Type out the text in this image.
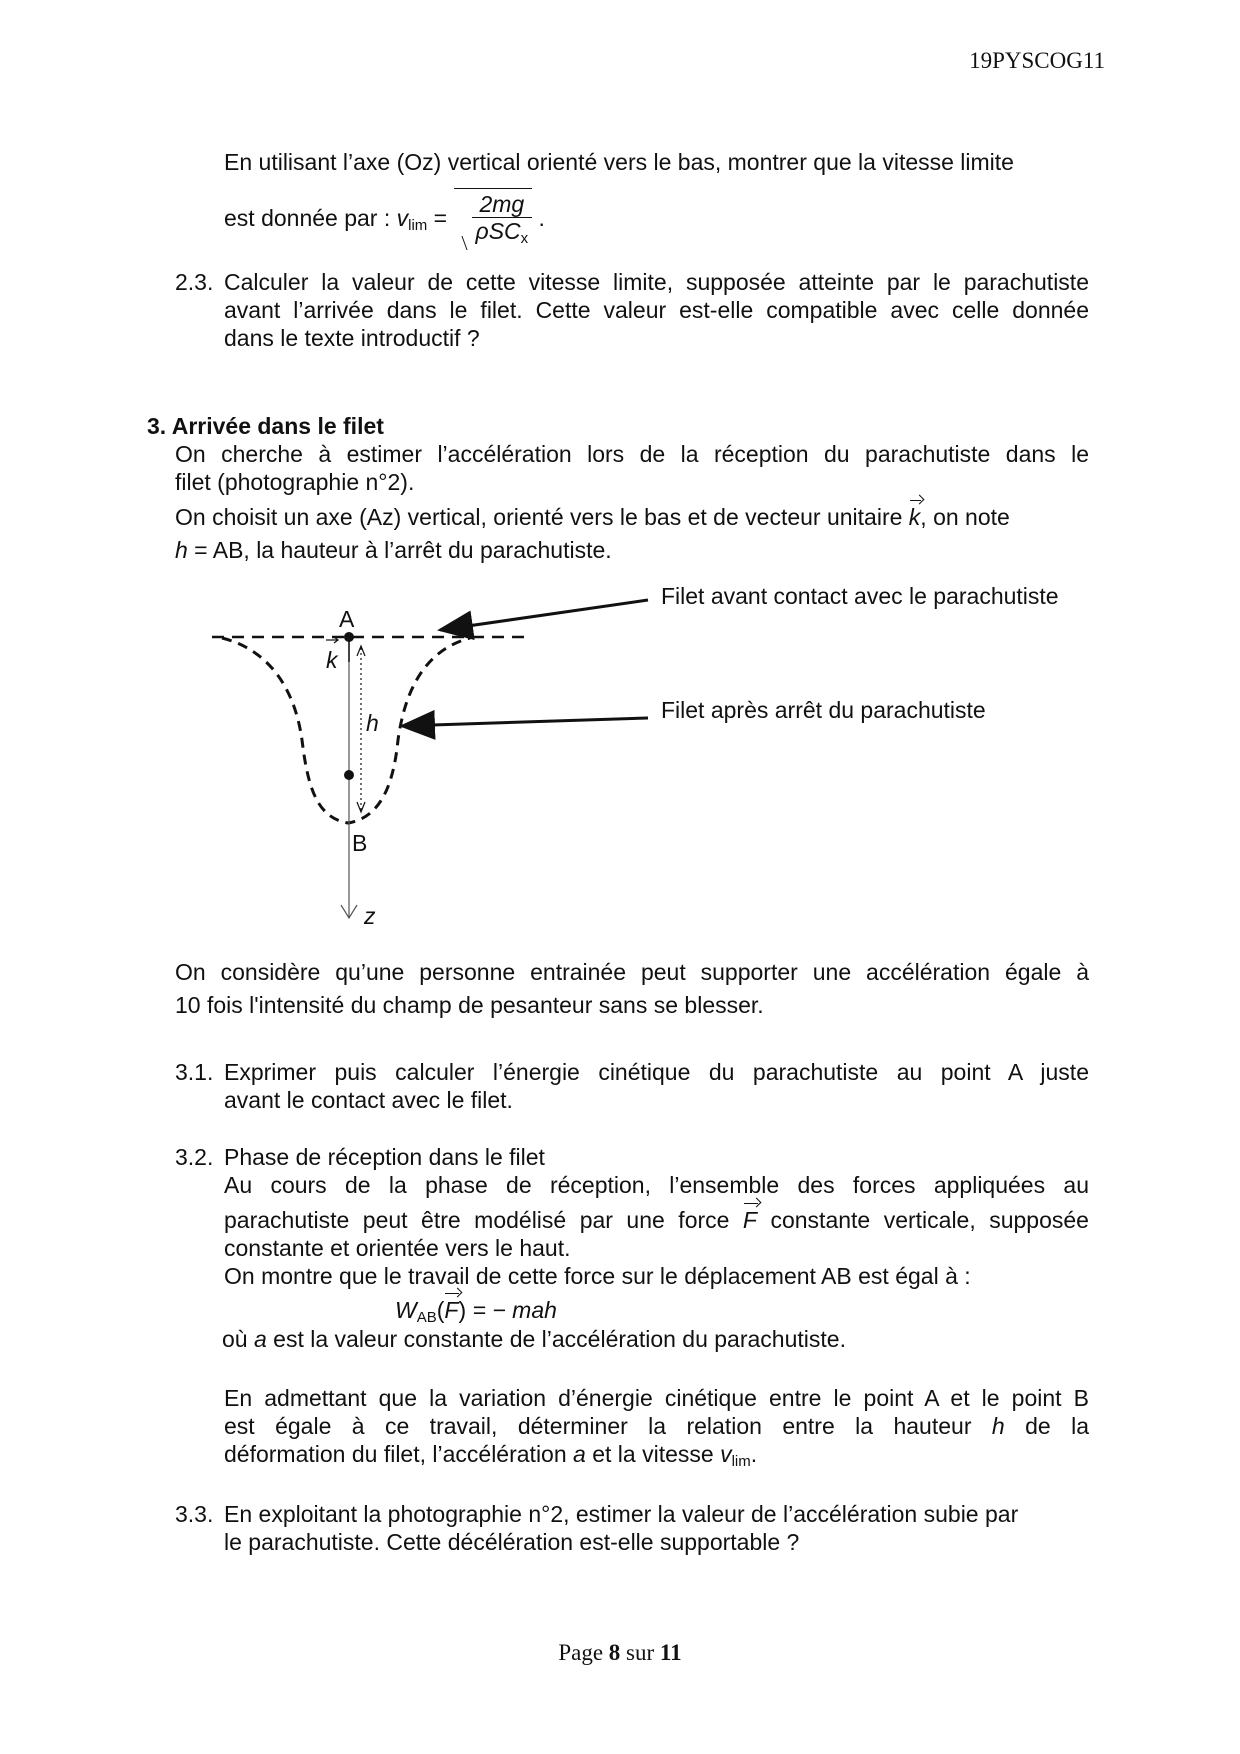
19PYSCOG11
En utilisant l’axe (Oz) vertical orienté vers le bas, montrer que la vitesse limite
est donnée par : $v_{lim} = \frac{2mg}{\rho SC_x}$ .
2.3. Calculer la valeur de cette vitesse limite, supposée atteinte par le parachutiste
avant l’arrivée dans le filet. Cette valeur est-elle compatible avec celle donnée
dans le texte introductif ?
3. Arrivée dans le filet
On cherche à estimer l’accélération lors de la réception du parachutiste dans le
filet (photographie n°2).
On choisit un axe (Az) vertical, orienté vers le bas et de vecteur unitaire k, on note
h = AB, la hauteur à l’arrêt du parachutiste.
A
k
h
B
z
Filet avant contact avec le parachutiste
Filet après arrêt du parachutiste
On considère qu’une personne entrainée peut supporter une accélération égale à
10 fois l'intensité du champ de pesanteur sans se blesser.
3.1. Exprimer puis calculer l’énergie cinétique du parachutiste au point A juste
avant le contact avec le filet.
3.2. Phase de réception dans le filet
Au cours de la phase de réception, l’ensemble des forces appliquées au
parachutiste peut être modélisé par une force F constante verticale, supposée
constante et orientée vers le haut.
On montre que le travail de cette force sur le déplacement AB est égal à :
$W_{AB}(F)$ = − mah
où a est la valeur constante de l’accélération du parachutiste.
En admettant que la variation d’énergie cinétique entre le point A et le point B
est égale à ce travail, déterminer la relation entre la hauteur h de la
déformation du filet, l’accélération a et la vitesse $v_{lim}$.
3.3. En exploitant la photographie n°2, estimer la valeur de l’accélération subie par
le parachutiste. Cette décélération est-elle supportable ?
Page 8 sur 11
